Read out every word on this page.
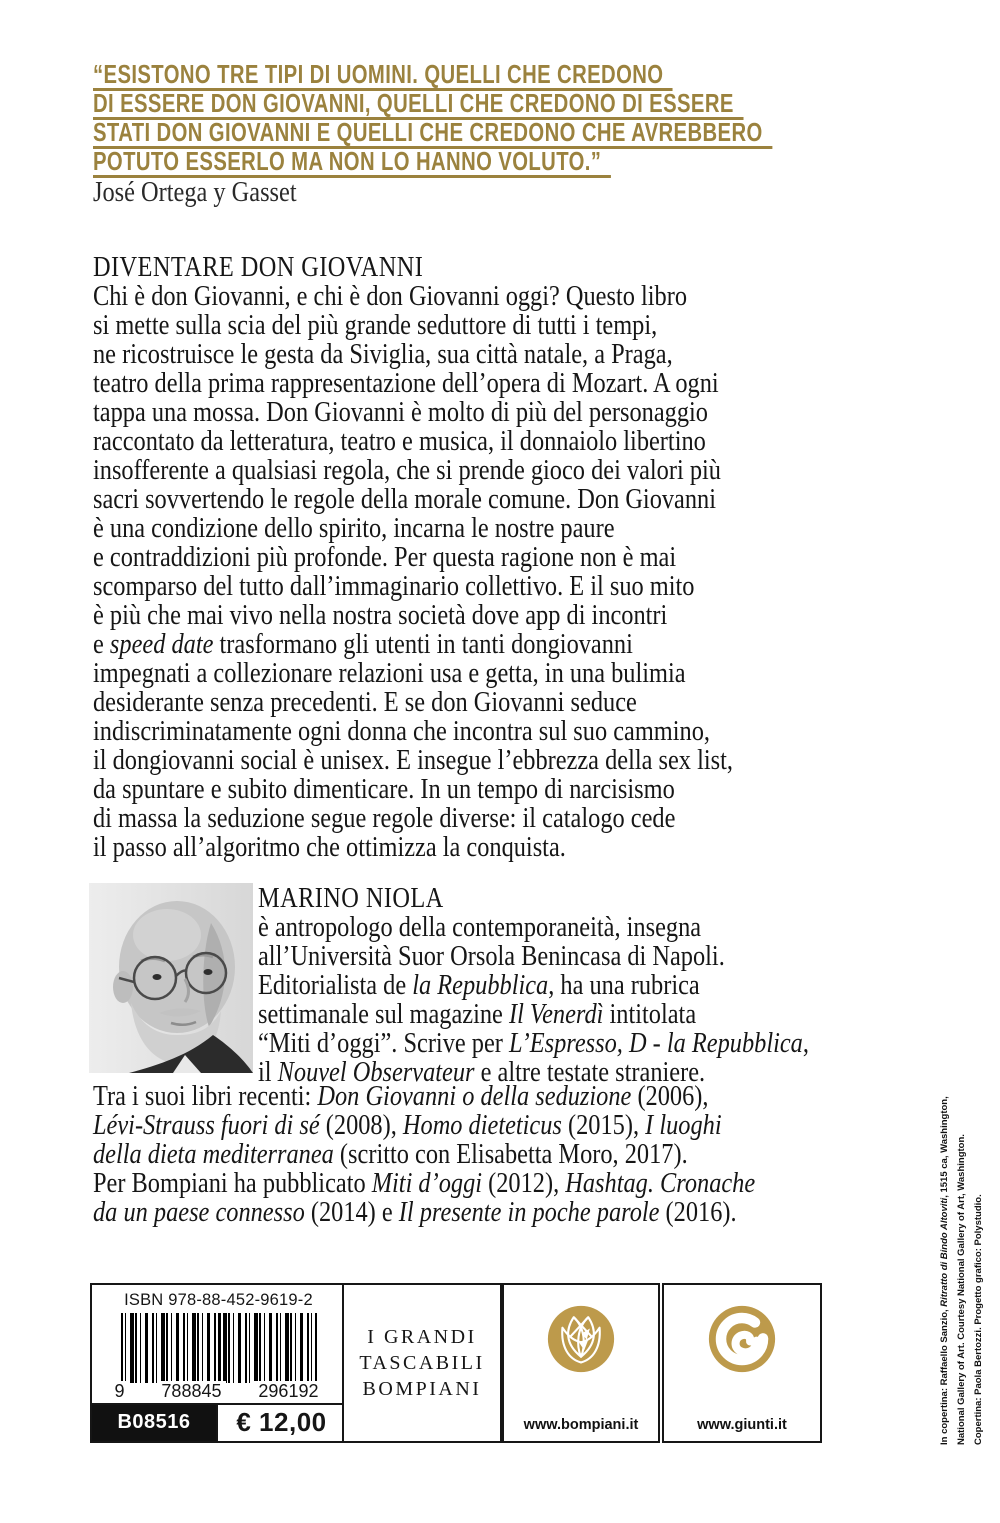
“ESISTONO TRE TIPI DI UOMINI. QUELLI CHE CREDONO
DI ESSERE DON GIOVANNI, QUELLI CHE CREDONO DI ESSERE
STATI DON GIOVANNI E QUELLI CHE CREDONO CHE AVREBBERO
POTUTO ESSERLO MA NON LO HANNO VOLUTO.”
José Ortega y Gasset
DIVENTARE DON GIOVANNI
Chi è don Giovanni, e chi è don Giovanni oggi? Questo libro
si mette sulla scia del più grande seduttore di tutti i tempi,
ne ricostruisce le gesta da Siviglia, sua città natale, a Praga,
teatro della prima rappresentazione dell’opera di Mozart. A ogni
tappa una mossa. Don Giovanni è molto di più del personaggio
raccontato da letteratura, teatro e musica, il donnaiolo libertino
insofferente a qualsiasi regola, che si prende gioco dei valori più
sacri sovvertendo le regole della morale comune. Don Giovanni
è una condizione dello spirito, incarna le nostre paure
e contraddizioni più profonde. Per questa ragione non è mai
scomparso del tutto dall’immaginario collettivo. E il suo mito
è più che mai vivo nella nostra società dove app di incontri
e speed date trasformano gli utenti in tanti dongiovanni
impegnati a collezionare relazioni usa e getta, in una bulimia
desiderante senza precedenti. E se don Giovanni seduce
indiscriminatamente ogni donna che incontra sul suo cammino,
il dongiovanni social è unisex. E insegue l’ebbrezza della sex list,
da spuntare e subito dimenticare. In un tempo di narcisismo
di massa la seduzione segue regole diverse: il catalogo cede
il passo all’algoritmo che ottimizza la conquista.
MARINO NIOLA
è antropologo della contemporaneità, insegna
all’Università Suor Orsola Benincasa di Napoli.
Editorialista de la Repubblica, ha una rubrica
settimanale sul magazine Il Venerdì intitolata
“Miti d’oggi”. Scrive per L’Espresso, D - la Repubblica,
il Nouvel Observateur e altre testate straniere.
Tra i suoi libri recenti: Don Giovanni o della seduzione (2006),
Lévi-Strauss fuori di sé (2008), Homo dieteticus (2015), I luoghi
della dieta mediterranea (scritto con Elisabetta Moro, 2017).
Per Bompiani ha pubblicato Miti d’oggi (2012), Hashtag. Cronache
da un paese connesso (2014) e Il presente in poche parole (2016).
ISBN 978-88-452-9619-2
9 788845 296192
B08516	€ 12,00
I GRANDI
TASCABILI
BOMPIANI
www.bompiani.it	www.giunti.it	In copertina: Raffaello Sanzio, Ritratto di Bindo Altoviti, 1515 ca, Washington, National Gallery of Art. Courtesy National Gallery of Art, Washington. Copertina: Paola Bertozzi. Progetto grafico: Polystudio.
